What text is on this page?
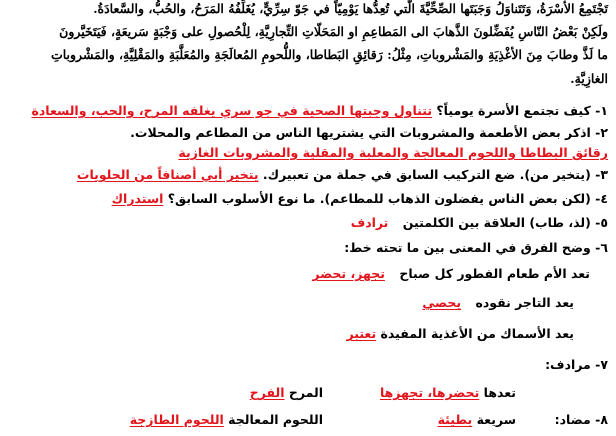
تَجْتَمِعُ الأسْرَةُ، وَتَتَناوَلُ وَجَبَتَها الصِّحِّيَّةَ الّتي تُعِدُّها يَوْمِيّاً في جَوّ سِرِّيٍّ، يُغَلِّفُهُ المَرَحُ، والحُبُّ، والسَّعادَةُ.
ولَكِنْ بَعْضُ النّاسِ يُفَضِّلونَ الذَّهابَ الى المَطاعِمِ او المَحَلّاتِ التِّجارِيَّةِ، لِلْحُصولِ على وَجْبَةٍ سَريعَةٍ، فَيَتَخَيَّرونَ
ما لَذَّ وطابَ مِنَ الأغْذِيَةِ والمَشْروباتِ، مِثْلُ: رَقائِقِ البَطاطا، واللُّحومِ المُعالَجَةِ والمُعَلَّبَةِ والمَقْلِيَّةِ، والمَشْروباتِ
الغازِيَّةِ.
١- كيف تجتمع الأسرة يومياً؟ تتناول وجبتها الصحية في جو سري يغلفه المرح، والحب، والسعادة
٢- اذكر بعض الأطعمة والمشروبات التي يشتريها الناس من المطاعم والمحلات.
رقائق البطاطا واللحوم المعالجة والمعلبة والمقلية والمشروبات الغازية
٣- (يتخير من). ضع التركيب السابق في جملة من تعبيرك. يتخير أبي أصنافاً من الحلويات
٤- (لكن بعض الناس يفضلون الذهاب للمطاعم). ما نوع الأسلوب السابق؟ استدراك
٥- (لذ، طاب) العلاقة بين الكلمتين ترادف
٦- وضح الفرق في المعنى بين ما تحته خط:
تعد الأم طعام الفطور كل صباح تجهز، تحضر
يعد التاجر نقوده يحصي
يعد الأسماك من الأغذية المفيدة تعتبر
٧- مرادف:
تعدها تحضرها، تجهزها
المرح الفرح
٨- مضاد:
سريعة بطيئة
اللحوم المعالجة اللحوم الطازجة
